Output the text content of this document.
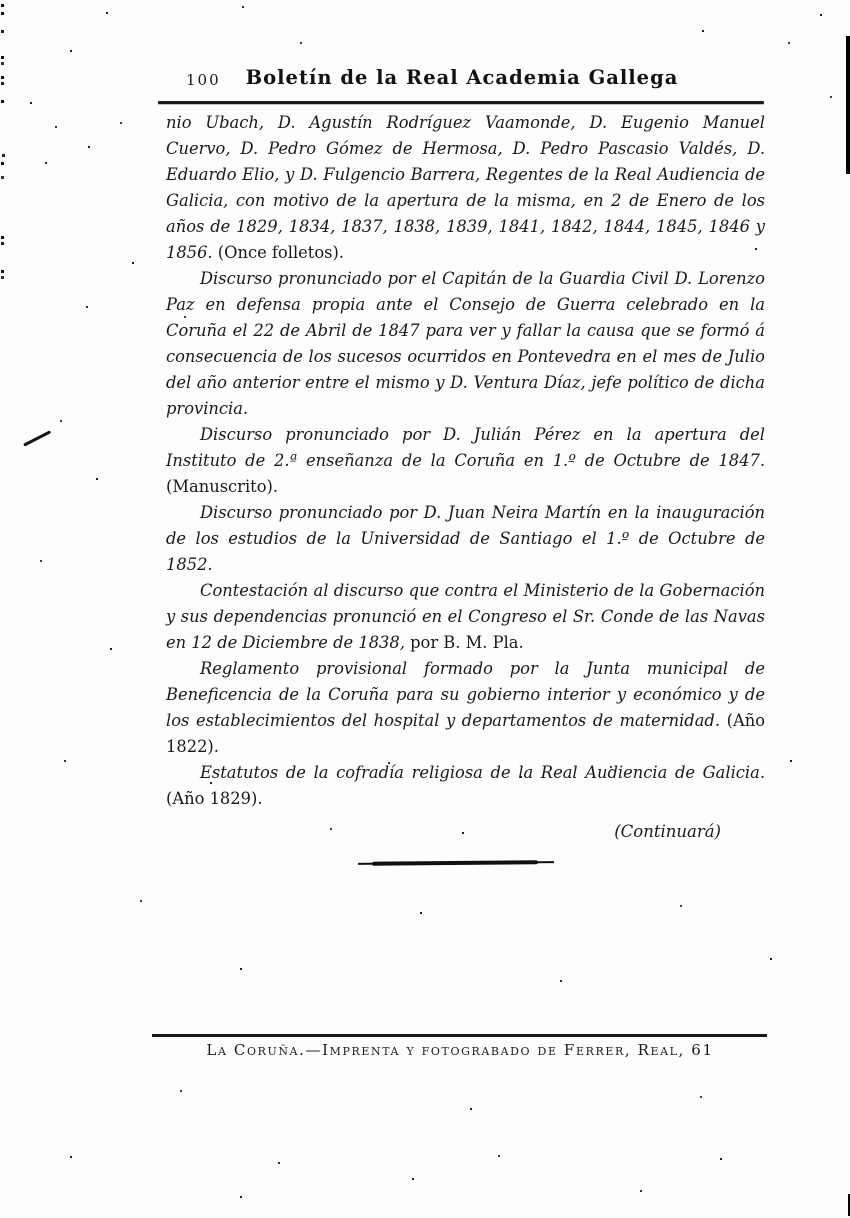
100	Boletín de la Real Academia Gallega

nio Ubach, D. Agustín Rodríguez Vaamonde, D. Eugenio Manuel Cuervo, D. Pedro Gómez de Hermosa, D. Pedro Pascasio Valdés, D. Eduardo Elio, y D. Fulgencio Barrera, Regentes de la Real Audiencia de Galicia, con motivo de la apertura de la misma, en 2 de Enero de los años de 1829, 1834, 1837, 1838, 1839, 1841, 1842, 1844, 1845, 1846 y 1856. (Once folletos).

Discurso pronunciado por el Capitán de la Guardia Civil D. Lorenzo Paz en defensa propia ante el Consejo de Guerra celebrado en la Coruña el 22 de Abril de 1847 para ver y fallar la causa que se formó á consecuencia de los sucesos ocurridos en Pontevedra en el mes de Julio del año anterior entre el mismo y D. Ventura Díaz, jefe político de dicha provincia.

Discurso pronunciado por D. Julián Pérez en la apertura del Instituto de 2.ª enseñanza de la Coruña en 1.º de Octubre de 1847. (Manuscrito).

Discurso pronunciado por D. Juan Neira Martín en la inauguración de los estudios de la Universidad de Santiago el 1.º de Octubre de 1852.

Contestación al discurso que contra el Ministerio de la Gobernación y sus dependencias pronunció en el Congreso el Sr. Conde de las Navas en 12 de Diciembre de 1838, por B. M. Pla.

Reglamento provisional formado por la Junta municipal de Beneficencia de la Coruña para su gobierno interior y económico y de los establecimientos del hospital y departamentos de maternidad. (Año 1822).

Estatutos de la cofradía religiosa de la Real Audiencia de Galicia. (Año 1829).

(Continuará)
La Coruña.—Imprenta y fotograbado de Ferrer, Real, 61
